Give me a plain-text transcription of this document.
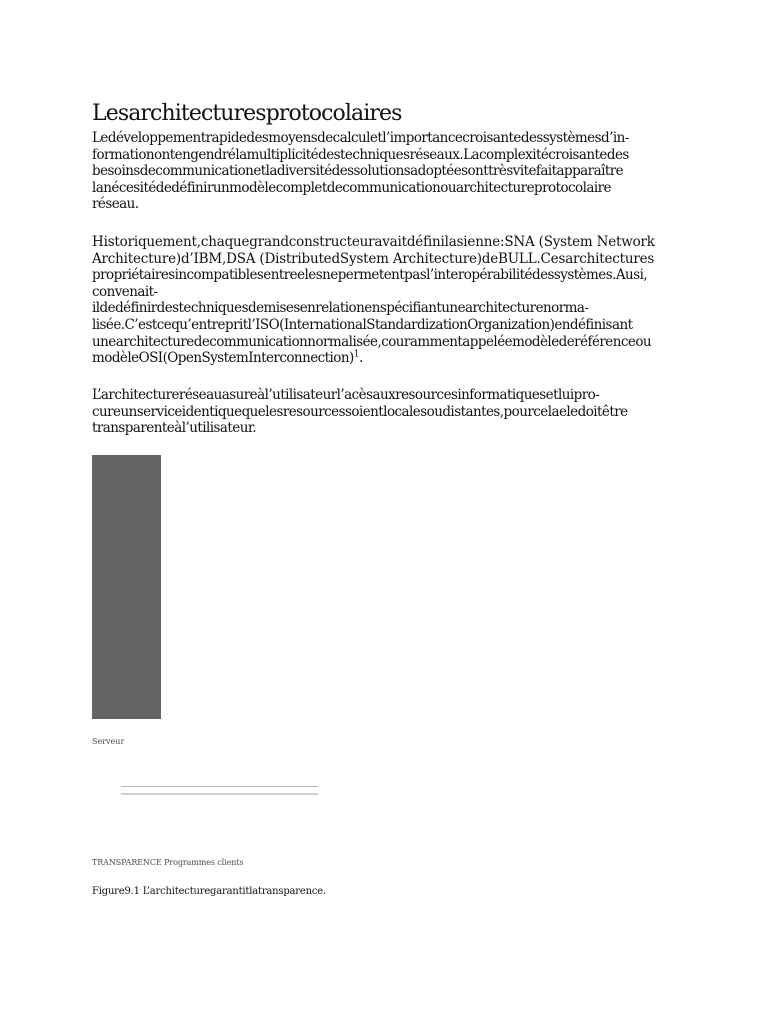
Lesarchitecturesprotocolaires
Ledéveloppementrapidedesmoyensdecalculetl’importancecroisantedessystèmesd’in-
formationontengendrélamultiplicitédestechniquesréseaux.Lacomplexitécroisantedes
besoinsdecommunicationetladiversitédessolutionsadoptéesonttrèsvitefaitapparaître
lanécesitédedéfinirunmodèlecompletdecommunicationouarchitectureprotocolaire
réseau.
Historiquement,chaquegrandconstructeuravaitdéfinilasienne:SNA (System Network
Architecture)d’IBM,DSA (DistributedSystem Architecture)deBULL.Cesarchitectures
propriétairesincompatiblesentreelesnepermetentpasl’interopérabilitédessystèmes.Ausi,
convenait-
ildedéfinirdestechniquesdemisesenrelationenspécifiantunearchitecturenorma-
lisée.C’estcequ’entrepritl’ISO(InternationalStandardizationOrganization)endéfinisant
unearchitecturedecommunicationnormalisée,courammentappeléemodèlederéférenceou
modèleOSI(OpenSystemInterconnection)$^1$.
L’architectureréseauasureàl’utilisateurl’acèsauxresourcesinformatiquesetluipro-
cureunserviceidentiquequelesresourcessoientlocalesoudistantes,pourcelaeledoitêtre
transparenteàl’utilisateur.
Serveur
TRANSPARENCE Programmes clients
Figure9.1 L’architecturegarantitlatransparence.
